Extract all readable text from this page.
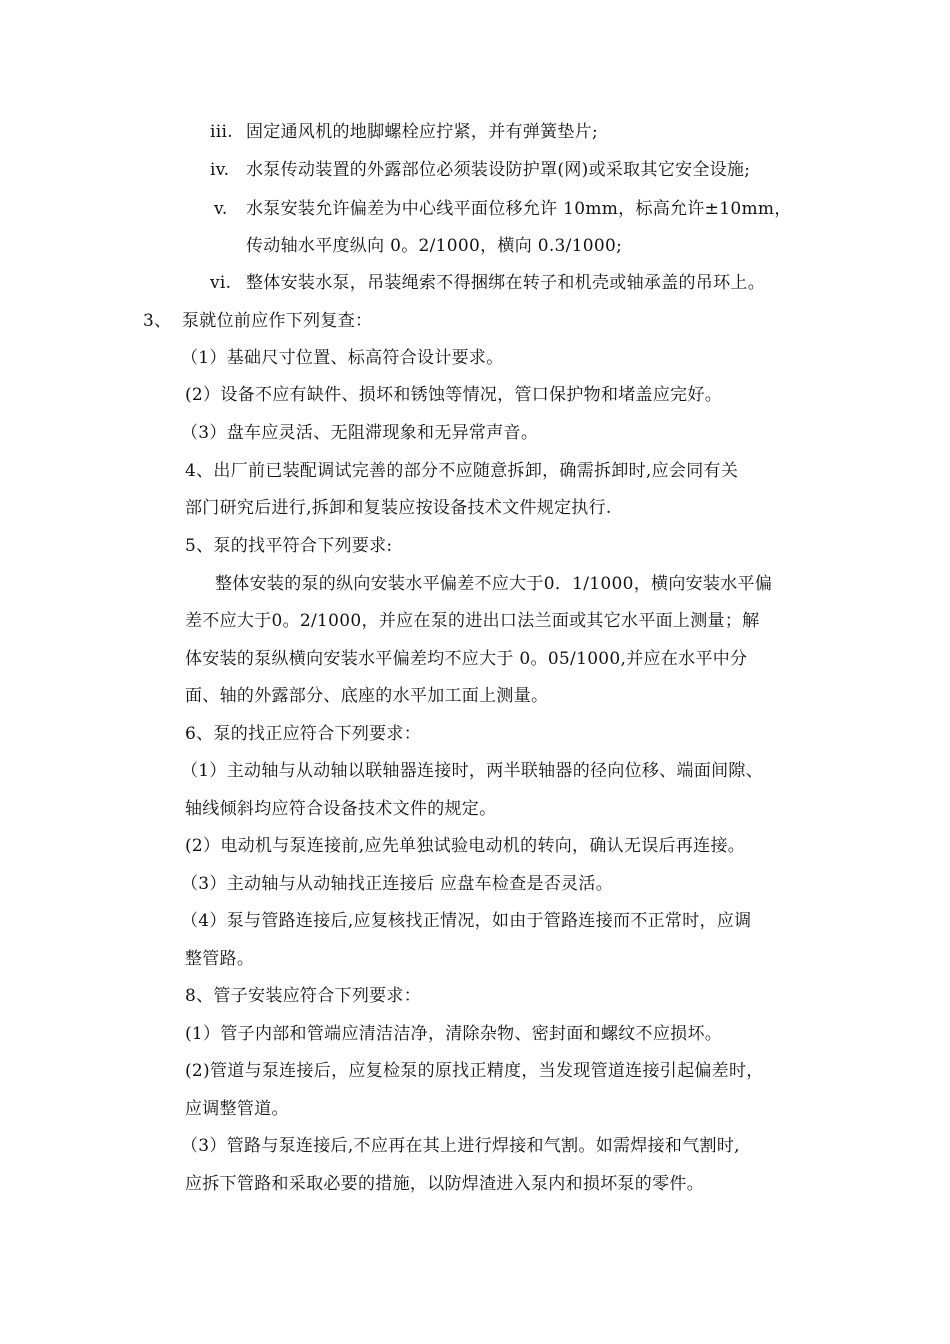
iii. 固定通风机的地脚螺栓应拧紧，并有弹簧垫片;
iv. 水泵传动装置的外露部位必须装设防护罩(网)或采取其它安全设施;
v. 水泵安装允许偏差为中心线平面位移允许 10mm，标高允许±10mm，
传动轴水平度纵向 0。2/1000，横向 0.3/1000;
vi. 整体安装水泵，吊装绳索不得捆绑在转子和机壳或轴承盖的吊环上。
3、 泵就位前应作下列复查：
（1）基础尺寸位置、标高符合设计要求。
(2）设备不应有缺件、损坏和锈蚀等情况，管口保护物和堵盖应完好。
（3）盘车应灵活、无阻滞现象和无异常声音。
4、出厂前已装配调试完善的部分不应随意拆卸，确需拆卸时,应会同有关
部门研究后进行,拆卸和复装应按设备技术文件规定执行.
5、泵的找平符合下列要求:
整体安装的泵的纵向安装水平偏差不应大于0．1/1000，横向安装水平偏
差不应大于0。2/1000，并应在泵的进出口法兰面或其它水平面上测量；解
体安装的泵纵横向安装水平偏差均不应大于 0。05/1000,并应在水平中分
面、轴的外露部分、底座的水平加工面上测量。
6、泵的找正应符合下列要求：
（1）主动轴与从动轴以联轴器连接时，两半联轴器的径向位移、端面间隙、
轴线倾斜均应符合设备技术文件的规定。
(2）电动机与泵连接前,应先单独试验电动机的转向，确认无误后再连接。
（3）主动轴与从动轴找正连接后 应盘车检查是否灵活。
（4）泵与管路连接后,应复核找正情况，如由于管路连接而不正常时，应调
整管路。
8、管子安装应符合下列要求：
(1）管子内部和管端应清洁洁净，清除杂物、密封面和螺纹不应损坏。
(2)管道与泵连接后，应复检泵的原找正精度，当发现管道连接引起偏差时，
应调整管道。
（3）管路与泵连接后,不应再在其上进行焊接和气割。如需焊接和气割时,
应拆下管路和采取必要的措施，以防焊渣进入泵内和损坏泵的零件。
